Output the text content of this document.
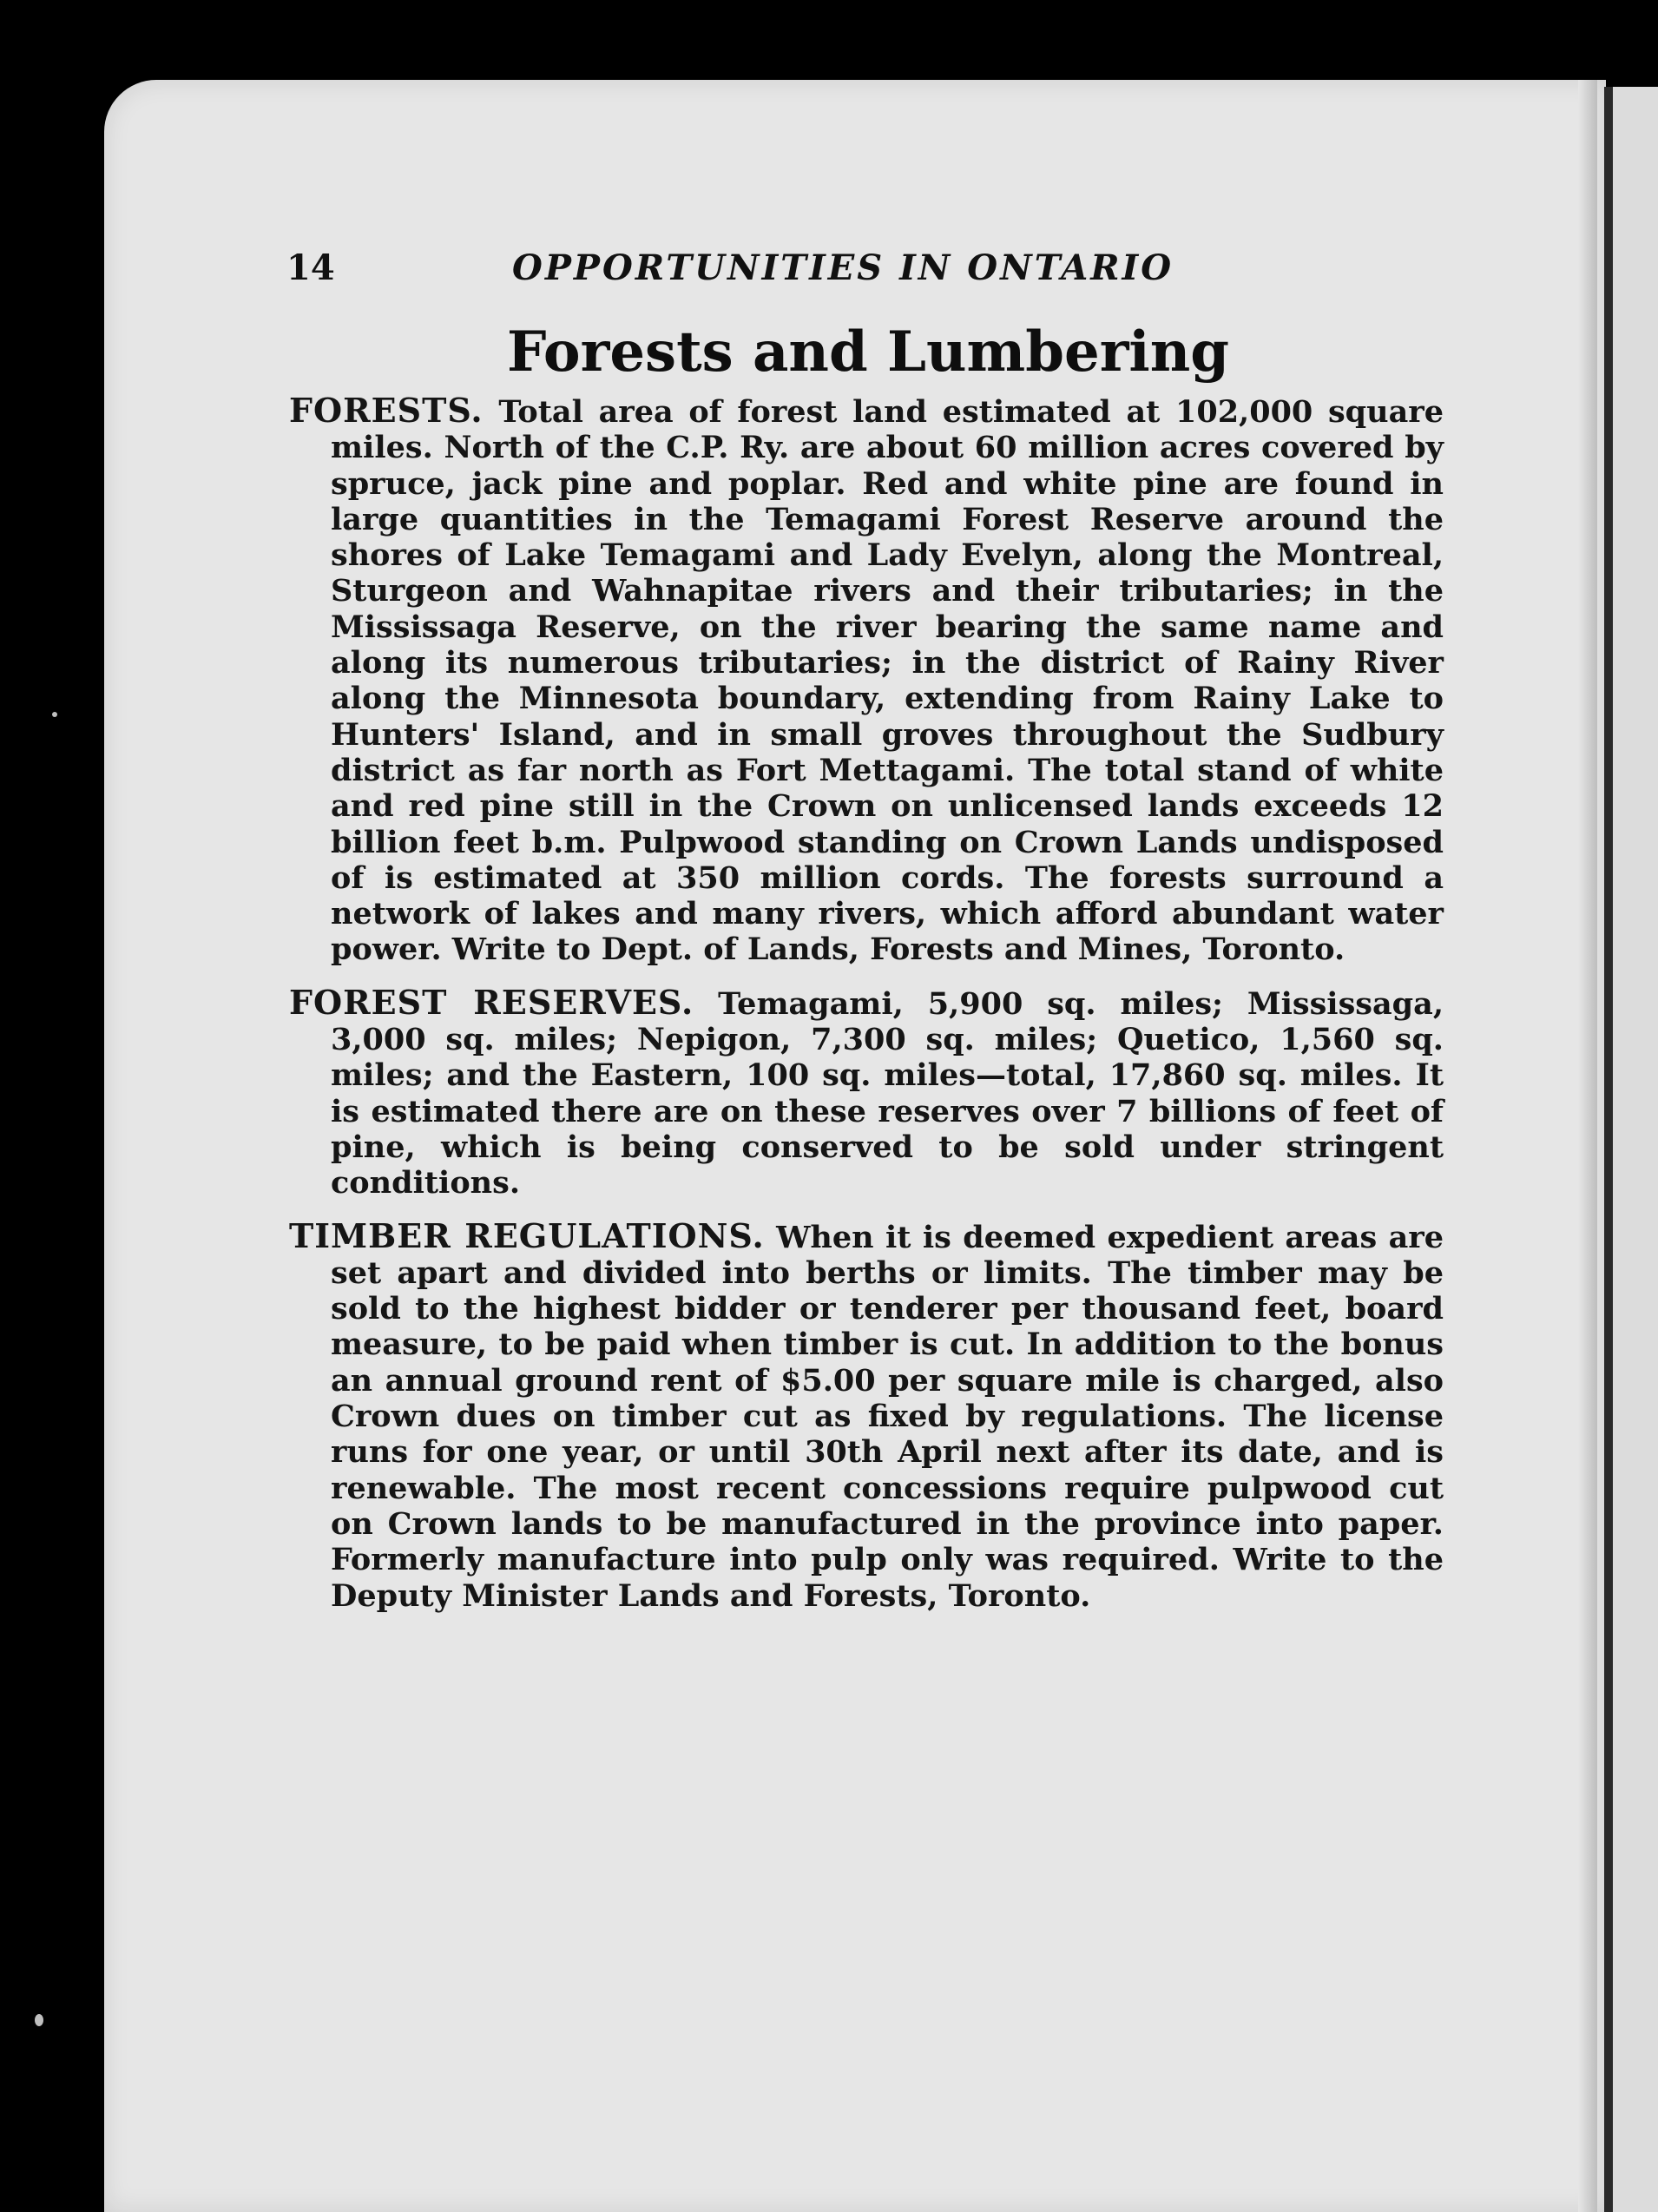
14	OPPORTUNITIES IN ONTARIO
Forests and Lumbering

FORESTS. Total area of forest land estimated at 102,000 square miles. North of the C.P. Ry. are about 60 million acres covered by spruce, jack pine and poplar. Red and white pine are found in large quantities in the Temagami Forest Reserve around the shores of Lake Temagami and Lady Evelyn, along the Montreal, Sturgeon and Wahnapitae rivers and their tributaries; in the Mississaga Reserve, on the river bearing the same name and along its numerous tributaries; in the district of Rainy River along the Minnesota boundary, extending from Rainy Lake to Hunters' Island, and in small groves throughout the Sudbury district as far north as Fort Mettagami. The total stand of white and red pine still in the Crown on unlicensed lands exceeds 12 billion feet b.m. Pulpwood standing on Crown Lands undisposed of is estimated at 350 million cords. The forests surround a network of lakes and many rivers, which afford abundant water power. Write to Dept. of Lands, Forests and Mines, Toronto.

FOREST RESERVES. Temagami, 5,900 sq. miles; Mississaga, 3,000 sq. miles; Nepigon, 7,300 sq. miles; Quetico, 1,560 sq. miles; and the Eastern, 100 sq. miles—total, 17,860 sq. miles. It is estimated there are on these reserves over 7 billions of feet of pine, which is being conserved to be sold under stringent conditions.

TIMBER REGULATIONS. When it is deemed expedient areas are set apart and divided into berths or limits. The timber may be sold to the highest bidder or tenderer per thousand feet, board measure, to be paid when timber is cut. In addition to the bonus an annual ground rent of $5.00 per square mile is charged, also Crown dues on timber cut as fixed by regulations. The license runs for one year, or until 30th April next after its date, and is renewable. The most recent concessions require pulpwood cut on Crown lands to be manufactured in the province into paper. Formerly manufacture into pulp only was required. Write to the Deputy Minister Lands and Forests, Toronto.
